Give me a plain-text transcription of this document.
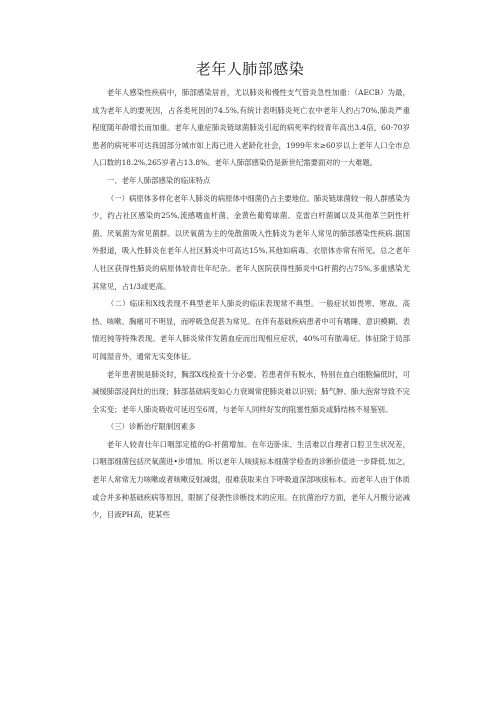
老年人肺部感染

老年人感染性疾病中，肺部感染居首，尤以肺炎和慢性支气管炎急性加重：（AECB）为最，成为老年人的要死因，占各类死因的74.5%,有统计表明肺炎死亡农中老年人约占70%,肺炎严重程度随年龄增长而加重。老年人重症肺炎链球菌肺炎引起的病死率约较青年高出3.4倍，60-70岁患者的病死率可达我国部分城市如上海已进入老龄化社会，1999年末≥60岁以上老年人口全市总人口数的18.2%,265岁者占13.8%。老年人肺部感染仍是新世纪需要面对的一大难题。

一、老年人肺部感染的临床特点

（一）病原体多样化老年人肺炎的病原体中细菌仍占主要地位。肺炎链球菌较一般人群感染为少，约占社区感染的25%,流感嗜血杆菌、金黄色葡萄球菌、克雷白杆菌属以及其他革兰阴性杆菌、厌氧菌为常见菌群。以厌氧菌为主的兔散菌吸入性肺炎为老年人常见的肺部感染性疾病.据国外报道，吸入性肺炎在老年人社区肺炎中可高达15%,其他如病毒、衣原体亦常有所见。总之老年人社区获得性肺炎的病原体较青壮年纪杂。老年人医院获得性肺炎中G杆菌约占75%,多重感染尤其常见，占1/3或更高。

（二）临床和X线表现不典型老年人肺炎的临床表现常不典型。一般症状如畏寒、寒战、高热、咳嗽、胸痛可不明显，而呼吸急促甚为常见。在伴有基础疾病患者中可有嗜睡、意识模糊、表情迟钝等特殊表现。老年人肺炎常伴发菌血症而出现相应症状，40%可有脓毒症。体征除于局部可闻湿音外，通常无实变体征。

老年患者脱是肺炎时，胸部X线检查十分必要。若患者伴有脱水，特别在血白细胞偏低时，可减缓肺部浸润灶的出现；肺部基础病变如心力衰竭常使肺炎难以识别；肺气肿、肺大泡常导致不完全实变；老年人肺炎吸收可延迟至6周，与老年人同样好发的阻塞性肺炎或肺结核不易鉴别。

（三）诊断治疗限制因素多

老年人较青壮年口咽部定植的G-杆菌增加。在年迈卧床、生活难以自理者口腔卫生状况差，口咽部细菌包括厌氧菌进•步增加。所以老年人咳痰标本细菌学检查的诊断价值进一步降低.加之，老年人常常无力咳嗽或者咳嗽反射减弱，很难获取来自下呼吸道深部咳痰标本。而老年人由于体质或合并多种基础疾病等原因，限制了侵袭性诊断技术的应用。在抗菌治疗方面，老年人月酸分泌减少，目液PH高，使某些
